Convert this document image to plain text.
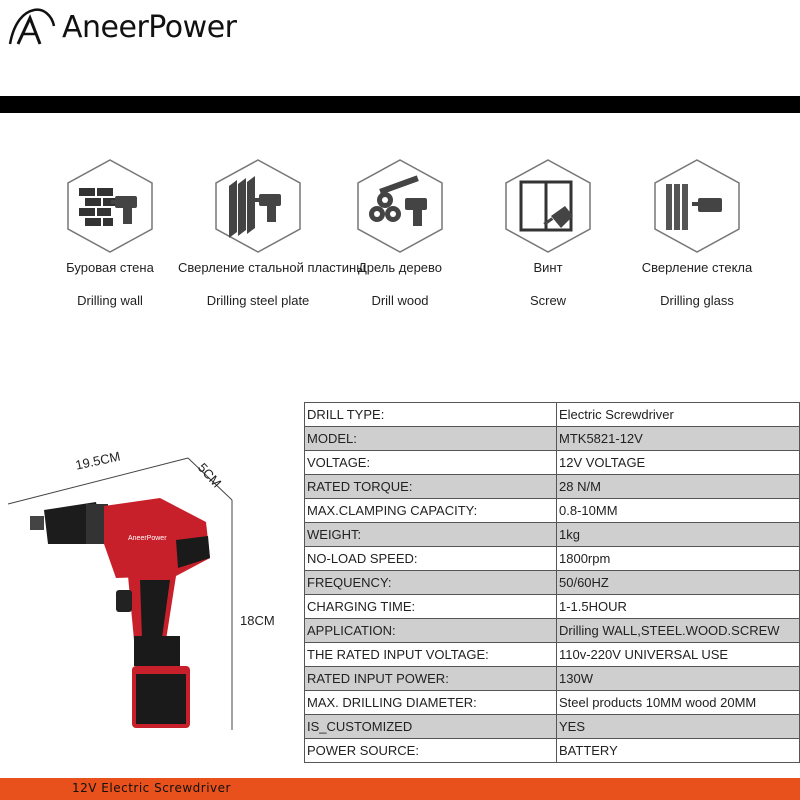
AneerPower
Буровая стена
Drilling wall
Сверление стальной пластины
Drilling steel plate
Дрель дерево
Drill wood
Винт
Screw
Сверление стекла
Drilling glass
AneerPower
19.5CM	5CM
18CM
DRILL TYPE:	Electric Screwdriver
MODEL:	MTK5821-12V
VOLTAGE:	12V VOLTAGE
RATED TORQUE:	28 N/M
MAX.CLAMPING CAPACITY:	0.8-10MM
WEIGHT:	1kg
NO-LOAD SPEED:	1800rpm
FREQUENCY:	50/60HZ
CHARGING TIME:	1-1.5HOUR
APPLICATION:	Drilling WALL,STEEL.WOOD.SCREW
THE RATED INPUT VOLTAGE:	110v-220V UNIVERSAL USE
RATED INPUT POWER:	130W
MAX. DRILLING DIAMETER:	Steel products 10MM wood 20MM
IS_CUSTOMIZED	YES
POWER SOURCE:	BATTERY
12V Electric Screwdriver
